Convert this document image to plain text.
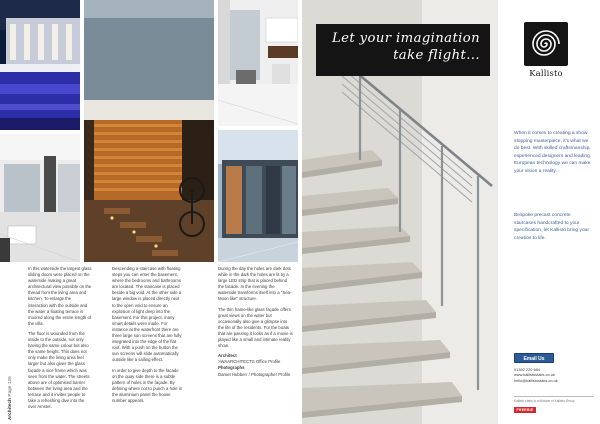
In this waterside the largest glass sliding doors were placed on the waterside making a great architectural view possible on the thread from the living area and kitchen. To enlarge the interaction with the outside and the water a floating terrace is moored along the entire length of the villa.

The floor is wounded from the inside to the outside, not only having the same colour but also the same height. This does not only make the living area feel larger but also gives the glass façade a nice frame which was seen from the water. The streets above are of optimised barrier between the living area and the terrace and it invites people to take a refreshing dive into the river Amstel.

Descending a staircase with floating steps you can enter the basement, where the bedrooms and bathrooms are located. The staircase is placed beside a big void. At the other side a large window is placed directly next to the open void to ensure an explosion of light deep into the basement. For this project, many smart details were made. For instance at the waterfront there are three large sun screens that are fully integrated into the edge of the flat roof. With a push on the button the sun screens will slide automatically outside like a sailing effect.

In order to give depth to the facade on the quay side there is a subtle pattern of holes in the façade. By defining where not to punch a hole in the aluminium panel the house number appears.

During the day the holes are dark dots while in the dark the holes are lit by a large LED strip that is placed behind the facade. In the evening the waterside transforms itself into a "Sea-Moon like" structure.

The thin frame-like glass façade offers great views on the water but occasionally also give a glimpse into the life of the residents. For the boats that are passing it looks as if a movie is played like a small and intimate reality show.

Architect
>WAARCHITECTS Office Profile
Photographs
Damet Hubberr / Photographer Profile
Architech Page 126
Let your imagination
take flight...
Kallisto
When it comes to creating a show stopping masterpiece, it's what we do best. With skilled craftsmanship, experienced designers and leading European technology we can make your vision a reality.
Bespoke precast concrete staircases handcrafted to your specification, let Kallisto bring your creation to life.
Email Us
01392 220 684
www.kallistostairs.co.uk
hello@kallistostairs.co.uk
Kallisto stairs is a division of Kallisto Group
FREEBIE
